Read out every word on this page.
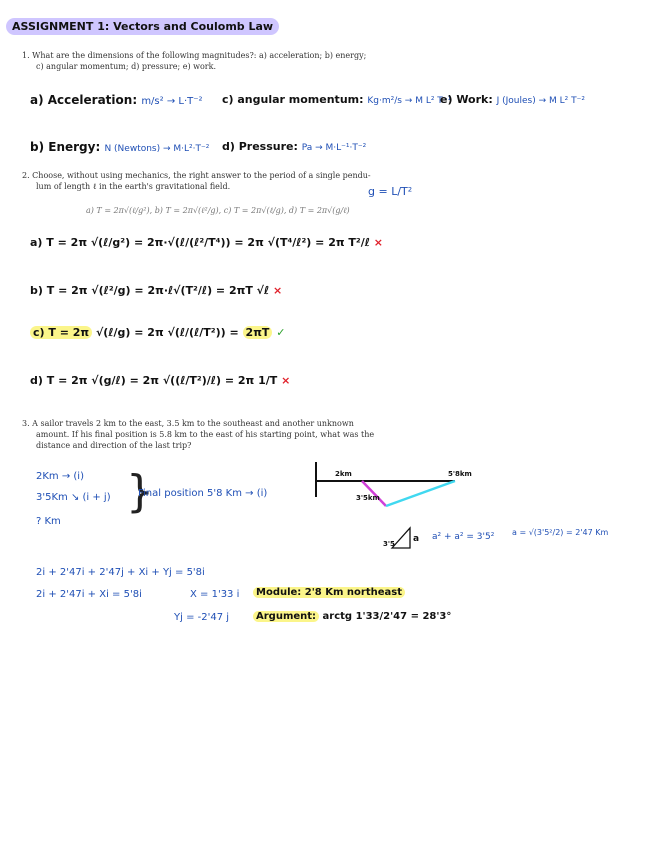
ASSIGNMENT 1: Vectors and Coulomb Law
1. What are the dimensions of the following magnitudes?: a) acceleration; b) energy;
c) angular momentum; d) pressure; e) work.
a) Acceleration: m/s² → L·T⁻² c) angular momentum: Kg·m²/s → M L² T⁻¹
e) Work: J (Joules) → M L² T⁻²
b) Energy: N (Newtons) → M·L²·T⁻² d) Pressure: Pa → M·L⁻¹·T⁻²
2. Choose, without using mechanics, the right answer to the period of a single pendu-
lum of length ℓ in the earth's gravitational field.	g = L/T²
a) T = 2π√(ℓ/g²), b) T = 2π√(ℓ²/g), c) T = 2π√(ℓ/g), d) T = 2π√(g/ℓ)
a) T = 2π √(ℓ/g²) = 2π·√(ℓ/(ℓ²/T⁴)) = 2π √(T⁴/ℓ²) = 2π T²/ℓ ×
b) T = 2π √(ℓ²/g) = 2π·ℓ√(T²/ℓ) = 2πT √ℓ ×
c) T = 2π √(ℓ/g) = 2π √(ℓ/(ℓ/T²)) = 2πT ✓
d) T = 2π √(g/ℓ) = 2π √((ℓ/T²)/ℓ) = 2π 1/T ×
3. A sailor travels 2 km to the east, 3.5 km to the southeast and another unknown
amount. If his final position is 5.8 km to the east of his starting point, what was the
distance and direction of the last trip?
2Km → (i)
3'5Km ↘ (i + j)
? Km
}
Final position 5'8 Km → (i)
2km	5'8km
3'5km
3'5 a a² + a² = 3'5² a = √(3'5²/2) = 2'47 Km
2i + 2'47i + 2'47j + Xi + Yj = 5'8i
2i + 2'47i + Xi = 5'8i	X = 1'33 i
Yj = -2'47 j
Module: 2'8 Km northeast
Argument: arctg 1'33/2'47 = 28'3°
